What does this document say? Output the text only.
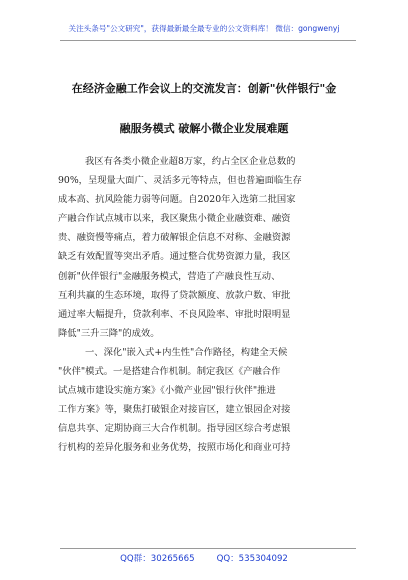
关注头条号"公文研究"，获得最新最全最专业的公文资料库！ 微信：gongwenyj
在经济金融工作会议上的交流发言：创新"伙伴银行"金
融服务模式 破解小微企业发展难题
我区有各类小微企业超8万家，约占全区企业总数的
90%，呈现量大面广、灵活多元等特点，但也普遍面临生存
成本高、抗风险能力弱等问题。自2020年入选第二批国家
产融合作试点城市以来，我区聚焦小微企业融资难、融资
贵、融资慢等痛点，着力破解银企信息不对称、金融资源
缺乏有效配置等突出矛盾。通过整合优势资源力量，我区
创新"伙伴银行"金融服务模式，营造了产融良性互动、
互利共赢的生态环境，取得了贷款额度、放款户数、审批
通过率大幅提升，贷款利率、不良风险率、审批时限明显
降低"三升三降"的成效。
一、深化"嵌入式+内生性"合作路径，构建全天候
"伙伴"模式。一是搭建合作机制。制定我区《产融合作
试点城市建设实施方案》《小微产业园"银行伙伴"推进
工作方案》等，聚焦打破银企对接盲区，建立银园企对接
信息共享、定期协商三大合作机制。指导园区综合考虑银
行机构的差异化服务和业务优势，按照市场化和商业可持
QQ群：30265665	QQ：535304092
